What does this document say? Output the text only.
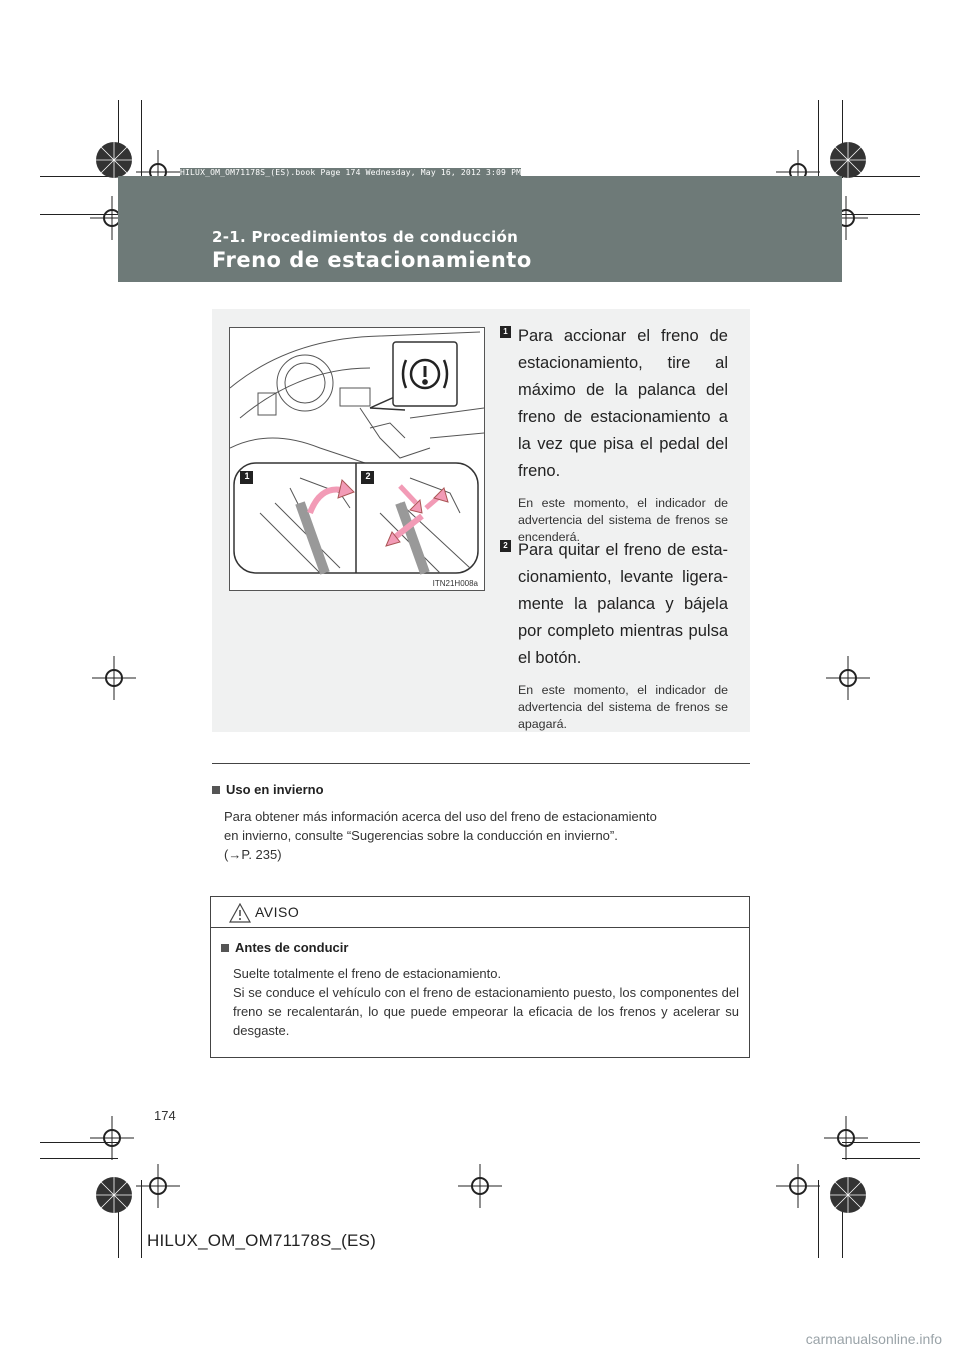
HILUX_OM_OM71178S_(ES).book Page 174 Wednesday, May 16, 2012 3:09 PM
2-1. Procedimientos de conducción
Freno de estacionamiento
1	2
ITN21H008a
1 Para accionar el freno de estacionamiento, tire al máximo de la palanca del freno de estacionamiento a la vez que pisa el pedal del freno.
En este momento, el indicador de advertencia del sistema de frenos se encenderá.
2 Para quitar el freno de esta-cionamiento, levante ligera-mente la palanca y bájela por completo mientras pulsa el botón.
En este momento, el indicador de advertencia del sistema de frenos se apagará.
Uso en invierno
Para obtener más información acerca del uso del freno de estacionamiento
en invierno, consulte “Sugerencias sobre la conducción en invierno”.
(→P. 235)
AVISO
Antes de conducir
Suelte totalmente el freno de estacionamiento.
Si se conduce el vehículo con el freno de estacionamiento puesto, los componentes del freno se recalentarán, lo que puede empeorar la eficacia de los frenos y acelerar su desgaste.
174
HILUX_OM_OM71178S_(ES)
carmanualsonline.info
